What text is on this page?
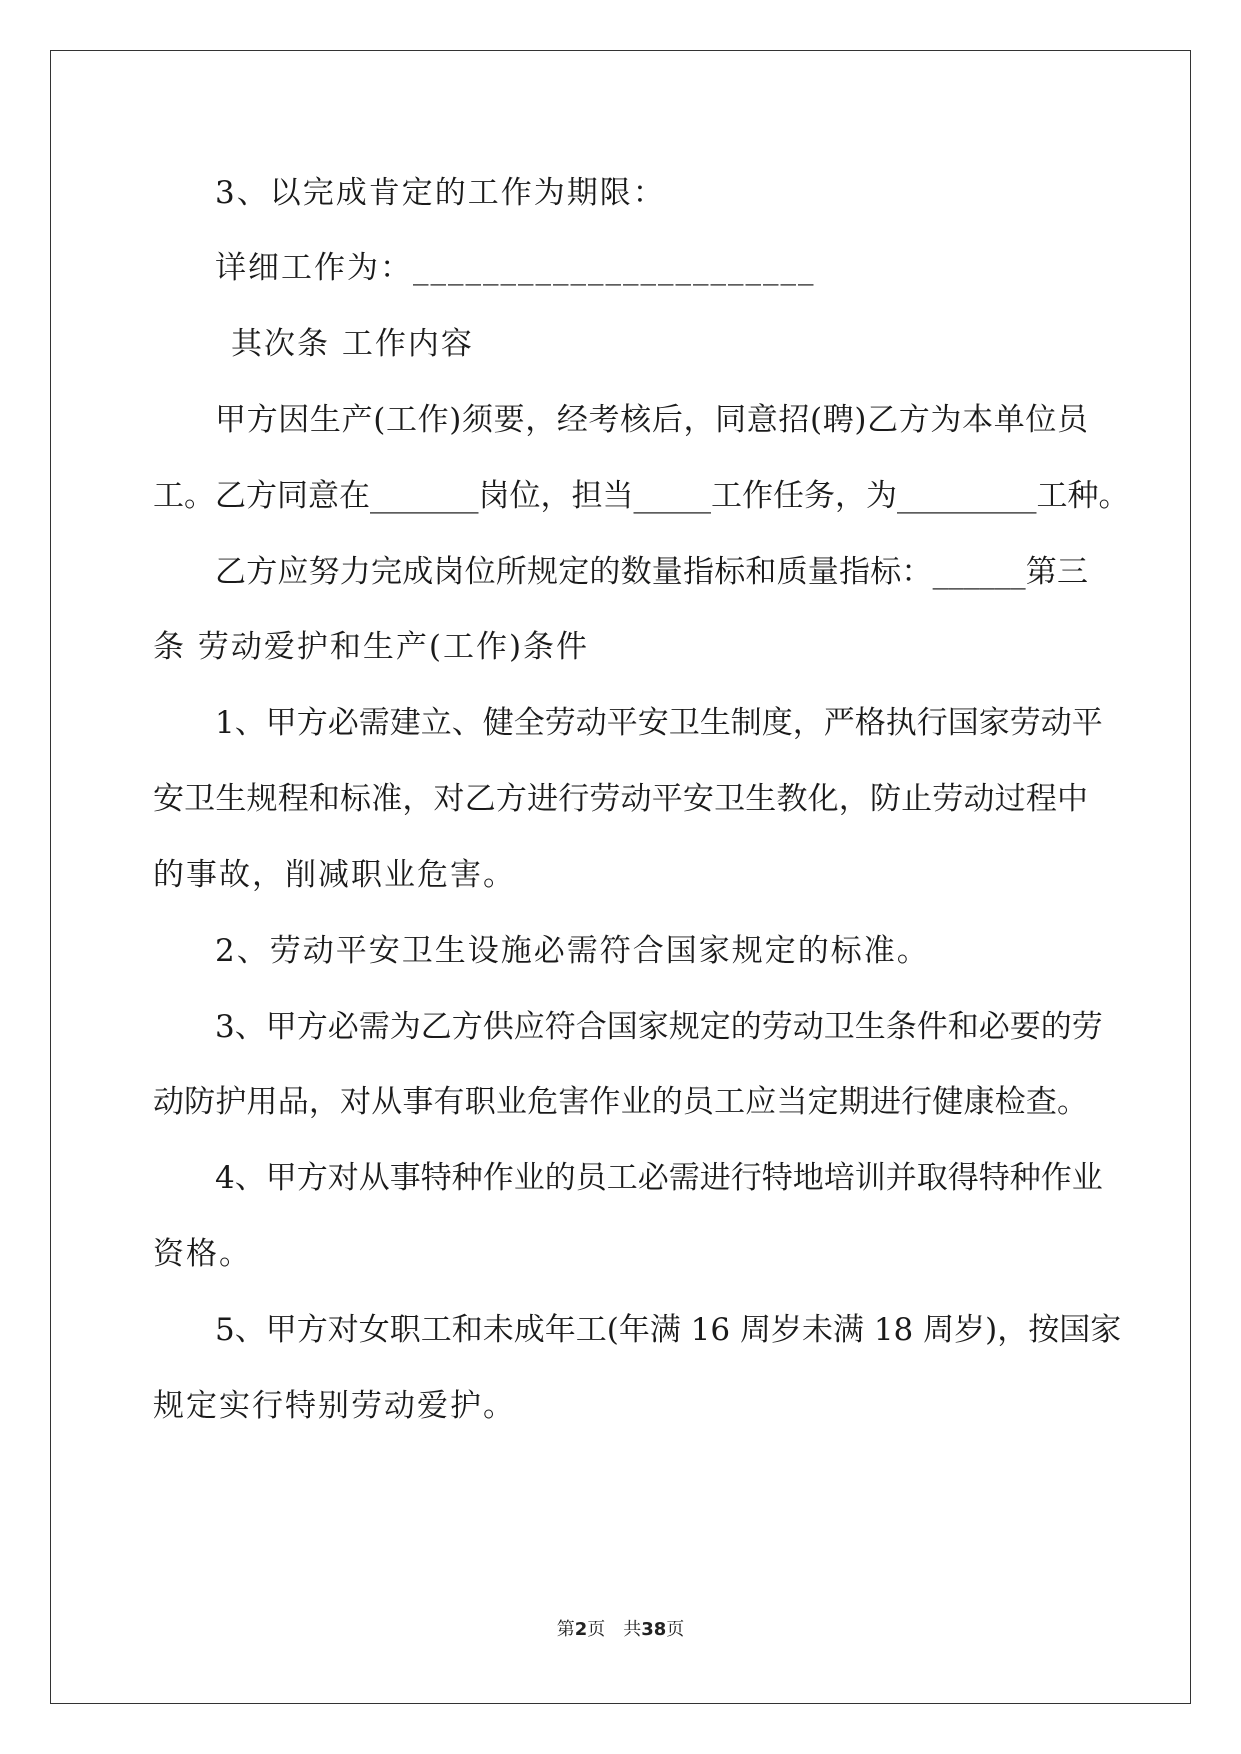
3、以完成肯定的工作为期限：
详细工作为：_______________________
其次条 工作内容
甲方因生产(工作)须要，经考核后，同意招(聘)乙方为本单位员
工。乙方同意在_______岗位，担当_____工作任务，为_________工种。
乙方应努力完成岗位所规定的数量指标和质量指标：______第三
条 劳动爱护和生产(工作)条件
1、甲方必需建立、健全劳动平安卫生制度，严格执行国家劳动平
安卫生规程和标准，对乙方进行劳动平安卫生教化，防止劳动过程中
的事故，削减职业危害。
2、劳动平安卫生设施必需符合国家规定的标准。
3、甲方必需为乙方供应符合国家规定的劳动卫生条件和必要的劳
动防护用品，对从事有职业危害作业的员工应当定期进行健康检查。
4、甲方对从事特种作业的员工必需进行特地培训并取得特种作业
资格。
5、甲方对女职工和未成年工(年满 16 周岁未满 18 周岁)，按国家
规定实行特别劳动爱护。
第2页　共38页
